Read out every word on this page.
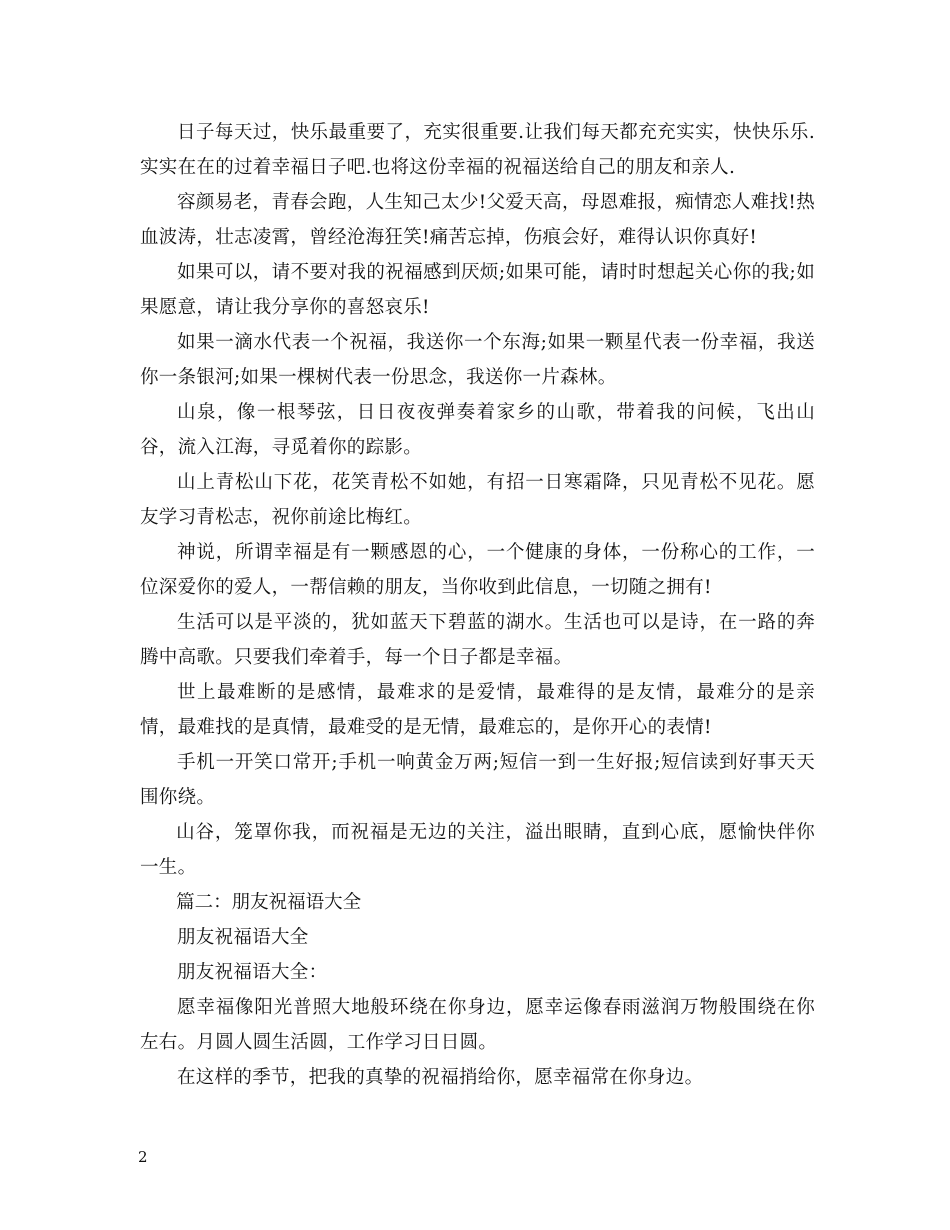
日子每天过，快乐最重要了，充实很重要.让我们每天都充充实实，快快乐乐.实实在在的过着幸福日子吧.也将这份幸福的祝福送给自己的朋友和亲人.

容颜易老，青春会跑，人生知己太少!父爱天高，母恩难报，痴情恋人难找!热血波涛，壮志凌霄，曾经沧海狂笑!痛苦忘掉，伤痕会好，难得认识你真好!

如果可以，请不要对我的祝福感到厌烦;如果可能，请时时想起关心你的我;如果愿意，请让我分享你的喜怒哀乐!

如果一滴水代表一个祝福，我送你一个东海;如果一颗星代表一份幸福，我送你一条银河;如果一棵树代表一份思念，我送你一片森林。

山泉，像一根琴弦，日日夜夜弹奏着家乡的山歌，带着我的问候，飞出山谷，流入江海，寻觅着你的踪影。

山上青松山下花，花笑青松不如她，有招一日寒霜降，只见青松不见花。愿友学习青松志，祝你前途比梅红。

神说，所谓幸福是有一颗感恩的心，一个健康的身体，一份称心的工作，一位深爱你的爱人，一帮信赖的朋友，当你收到此信息，一切随之拥有!

生活可以是平淡的，犹如蓝天下碧蓝的湖水。生活也可以是诗，在一路的奔腾中高歌。只要我们牵着手，每一个日子都是幸福。

世上最难断的是感情，最难求的是爱情，最难得的是友情，最难分的是亲情，最难找的是真情，最难受的是无情，最难忘的，是你开心的表情!

手机一开笑口常开;手机一响黄金万两;短信一到一生好报;短信读到好事天天围你绕。

山谷，笼罩你我，而祝福是无边的关注，溢出眼睛，直到心底，愿愉快伴你一生。

篇二：朋友祝福语大全

朋友祝福语大全

朋友祝福语大全：

愿幸福像阳光普照大地般环绕在你身边，愿幸运像春雨滋润万物般围绕在你左右。月圆人圆生活圆，工作学习日日圆。

在这样的季节，把我的真挚的祝福捎给你，愿幸福常在你身边。

2
